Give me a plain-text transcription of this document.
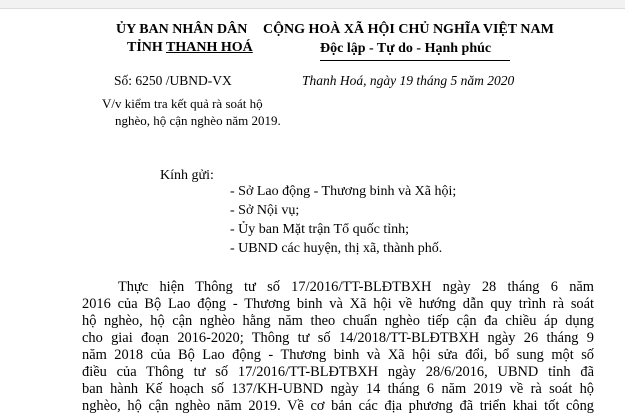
ỦY BAN NHÂN DÂN
TỈNH THANH HOÁ
CỘNG HOÀ XÃ HỘI CHỦ NGHĨA VIỆT NAM
Độc lập - Tự do - Hạnh phúc
Số: 6250 /UBND-VX	Thanh Hoá, ngày 19 tháng 5 năm 2020
V/v kiểm tra kết quả rà soát hộ
nghèo, hộ cận nghèo năm 2019.
Kính gửi:
- Sở Lao động - Thương binh và Xã hội;
- Sở Nội vụ;
- Ủy ban Mặt trận Tổ quốc tỉnh;
- UBND các huyện, thị xã, thành phố.
Thực hiện Thông tư số 17/2016/TT-BLĐTBXH ngày 28 tháng 6 năm
2016 của Bộ Lao động - Thương binh và Xã hội về hướng dẫn quy trình rà soát
hộ nghèo, hộ cận nghèo hằng năm theo chuẩn nghèo tiếp cận đa chiều áp dụng
cho giai đoạn 2016-2020; Thông tư số 14/2018/TT-BLĐTBXH ngày 26 tháng 9
năm 2018 của Bộ Lao động - Thương binh và Xã hội sửa đổi, bổ sung một số
điều của Thông tư số 17/2016/TT-BLĐTBXH ngày 28/6/2016, UBND tỉnh đã
ban hành Kế hoạch số 137/KH-UBND ngày 14 tháng 6 năm 2019 về rà soát hộ
nghèo, hộ cận nghèo năm 2019. Về cơ bản các địa phương đã triển khai tốt công
